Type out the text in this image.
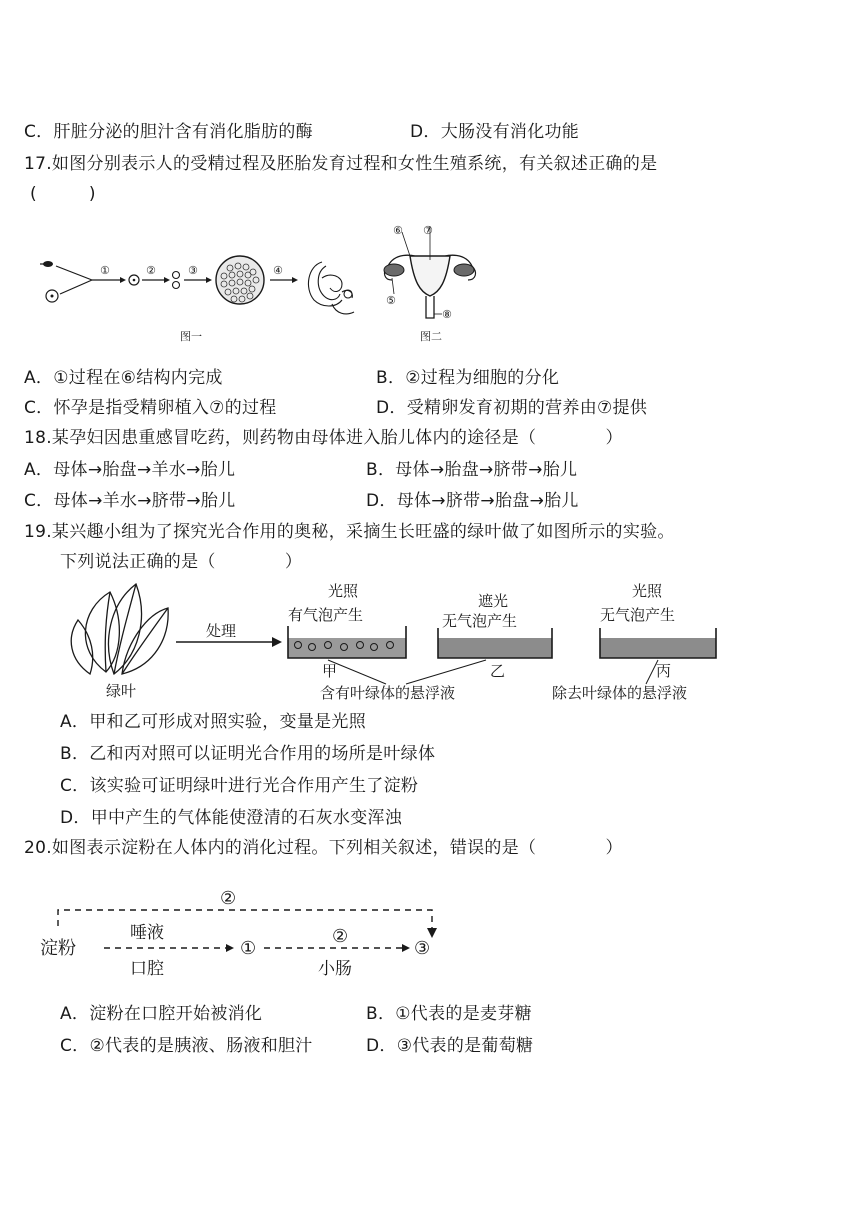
C．肝脏分泌的胆汁含有消化脂肪的酶	D．大肠没有消化功能
17.如图分别表示人的受精过程及胚胎发育过程和女性生殖系统，有关叙述正确的是
(　　　)
①	②	③	④
图一
⑥ ⑦
⑤
⑧
图二
A．①过程在⑥结构内完成	B．②过程为细胞的分化
C．怀孕是指受精卵植入⑦的过程	D．受精卵发育初期的营养由⑦提供
18.某孕妇因患重感冒吃药，则药物由母体进入胎儿体内的途径是（　　　　）
A．母体→胎盘→羊水→胎儿	B．母体→胎盘→脐带→胎儿
C．母体→羊水→脐带→胎儿	D．母体→脐带→胎盘→胎儿
19.某兴趣小组为了探究光合作用的奥秘，采摘生长旺盛的绿叶做了如图所示的实验。
下列说法正确的是（　　　　）
绿叶
处理
光照
有气泡产生
甲
遮光
无气泡产生
乙
光照
无气泡产生
丙
含有叶绿体的悬浮液	除去叶绿体的悬浮液
A．甲和乙可形成对照实验，变量是光照
B．乙和丙对照可以证明光合作用的场所是叶绿体
C．该实验可证明绿叶进行光合作用产生了淀粉
D．甲中产生的气体能使澄清的石灰水变浑浊
20.如图表示淀粉在人体内的消化过程。下列相关叙述，错误的是（　　　　）
②
淀粉
唾液
口腔
①
②
小肠
③
A．淀粉在口腔开始被消化	B．①代表的是麦芽糖
C．②代表的是胰液、肠液和胆汁	D．③代表的是葡萄糖
